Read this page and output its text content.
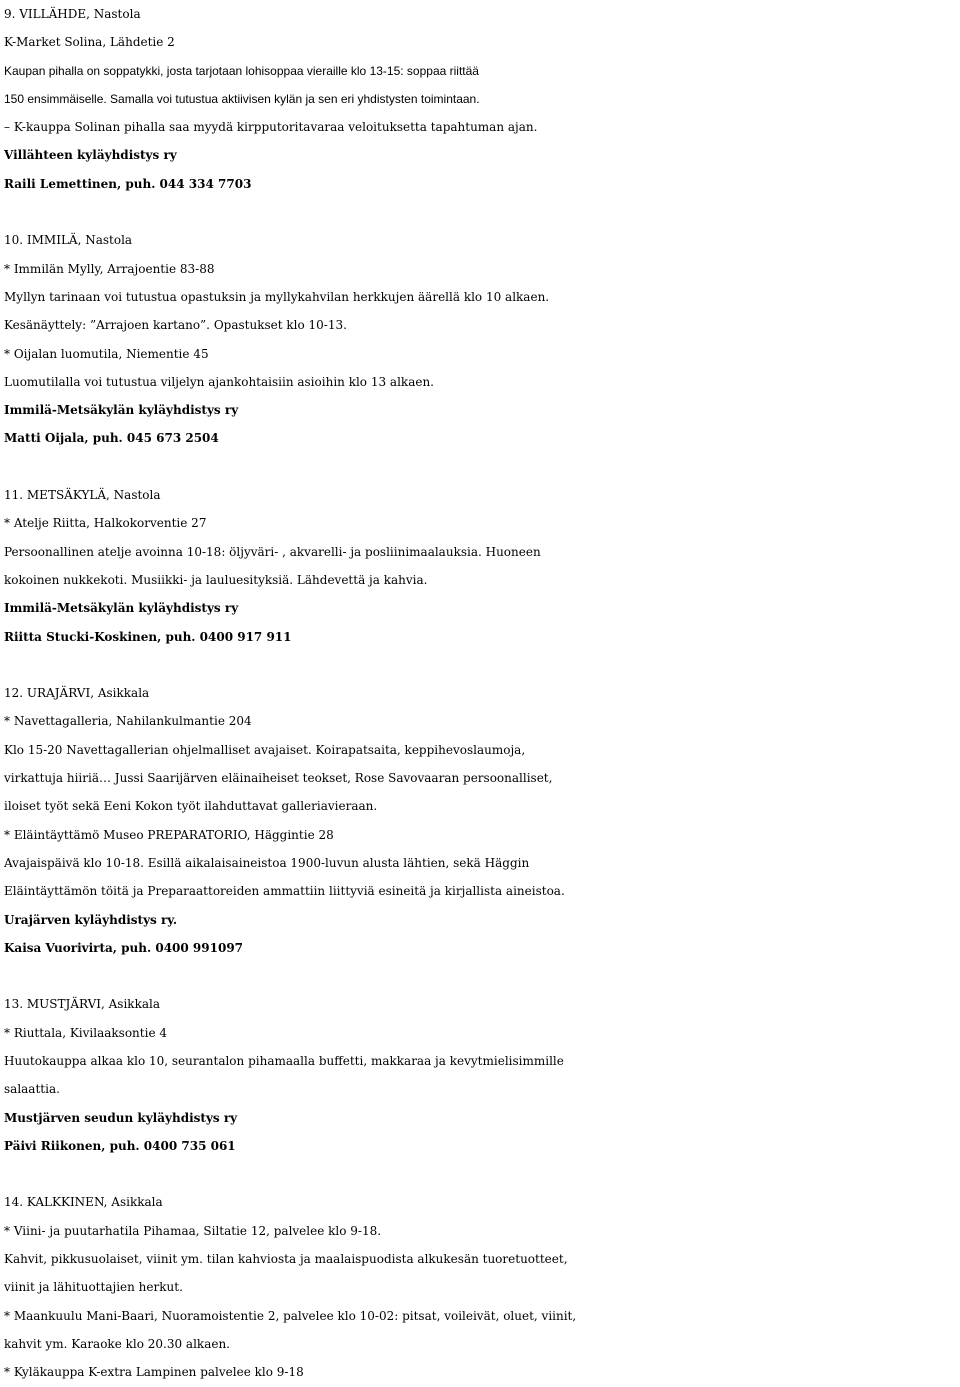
9. VILLÄHDE, Nastola

K-Market Solina, Lähdetie 2

Kaupan pihalla on soppatykki, josta tarjotaan lohisoppaa vieraille klo 13-15: soppaa riittää

150 ensimmäiselle. Samalla voi tutustua aktiivisen kylän ja sen eri yhdistysten toimintaan.

– K-kauppa Solinan pihalla saa myydä kirpputoritavaraa veloituksetta tapahtuman ajan.

Villähteen kyläyhdistys ry

Raili Lemettinen, puh. 044 334 7703

10. IMMILÄ, Nastola

* Immilän Mylly, Arrajoentie 83-88

Myllyn tarinaan voi tutustua opastuksin ja myllykahvilan herkkujen äärellä klo 10 alkaen.

Kesänäyttely: ”Arrajoen kartano”. Opastukset klo 10-13.

* Oijalan luomutila, Niementie 45

Luomutilalla voi tutustua viljelyn ajankohtaisiin asioihin klo 13 alkaen.

Immilä-Metsäkylän kyläyhdistys ry

Matti Oijala, puh. 045 673 2504

11. METSÄKYLÄ, Nastola

* Atelje Riitta, Halkokorventie 27

Persoonallinen atelje avoinna 10-18: öljyväri- , akvarelli- ja posliinimaalauksia. Huoneen

kokoinen nukkekoti. Musiikki- ja lauluesityksiä. Lähdevettä ja kahvia.

Immilä-Metsäkylän kyläyhdistys ry

Riitta Stucki-Koskinen, puh. 0400 917 911

12. URAJÄRVI, Asikkala

* Navettagalleria, Nahilankulmantie 204

Klo 15-20 Navettagallerian ohjelmalliset avajaiset. Koirapatsaita, keppihevoslaumoja,

virkattuja hiiriä… Jussi Saarijärven eläinaiheiset teokset, Rose Savovaaran persoonalliset,

iloiset työt sekä Eeni Kokon työt ilahduttavat galleriavieraan.

* Eläintäyttämö Museo PREPARATORIO, Häggintie 28

Avajaispäivä klo 10-18. Esillä aikalaisaineistoa 1900-luvun alusta lähtien, sekä Häggin

Eläintäyttämön töitä ja Preparaattoreiden ammattiin liittyviä esineitä ja kirjallista aineistoa.

Urajärven kyläyhdistys ry.

Kaisa Vuorivirta, puh. 0400 991097

13. MUSTJÄRVI, Asikkala

* Riuttala, Kivilaaksontie 4

Huutokauppa alkaa klo 10, seurantalon pihamaalla buffetti, makkaraa ja kevytmielisimmille

salaattia.

Mustjärven seudun kyläyhdistys ry

Päivi Riikonen, puh. 0400 735 061

14. KALKKINEN, Asikkala

* Viini- ja puutarhatila Pihamaa, Siltatie 12, palvelee klo 9-18.

Kahvit, pikkusuolaiset, viinit ym. tilan kahviosta ja maalaispuodista alkukesän tuoretuotteet,

viinit ja lähituottajien herkut.

* Maankuulu Mani-Baari, Nuoramoistentie 2, palvelee klo 10-02: pitsat, voileivät, oluet, viinit,

kahvit ym. Karaoke klo 20.30 alkaen.

* Kyläkauppa K-extra Lampinen palvelee klo 9-18
